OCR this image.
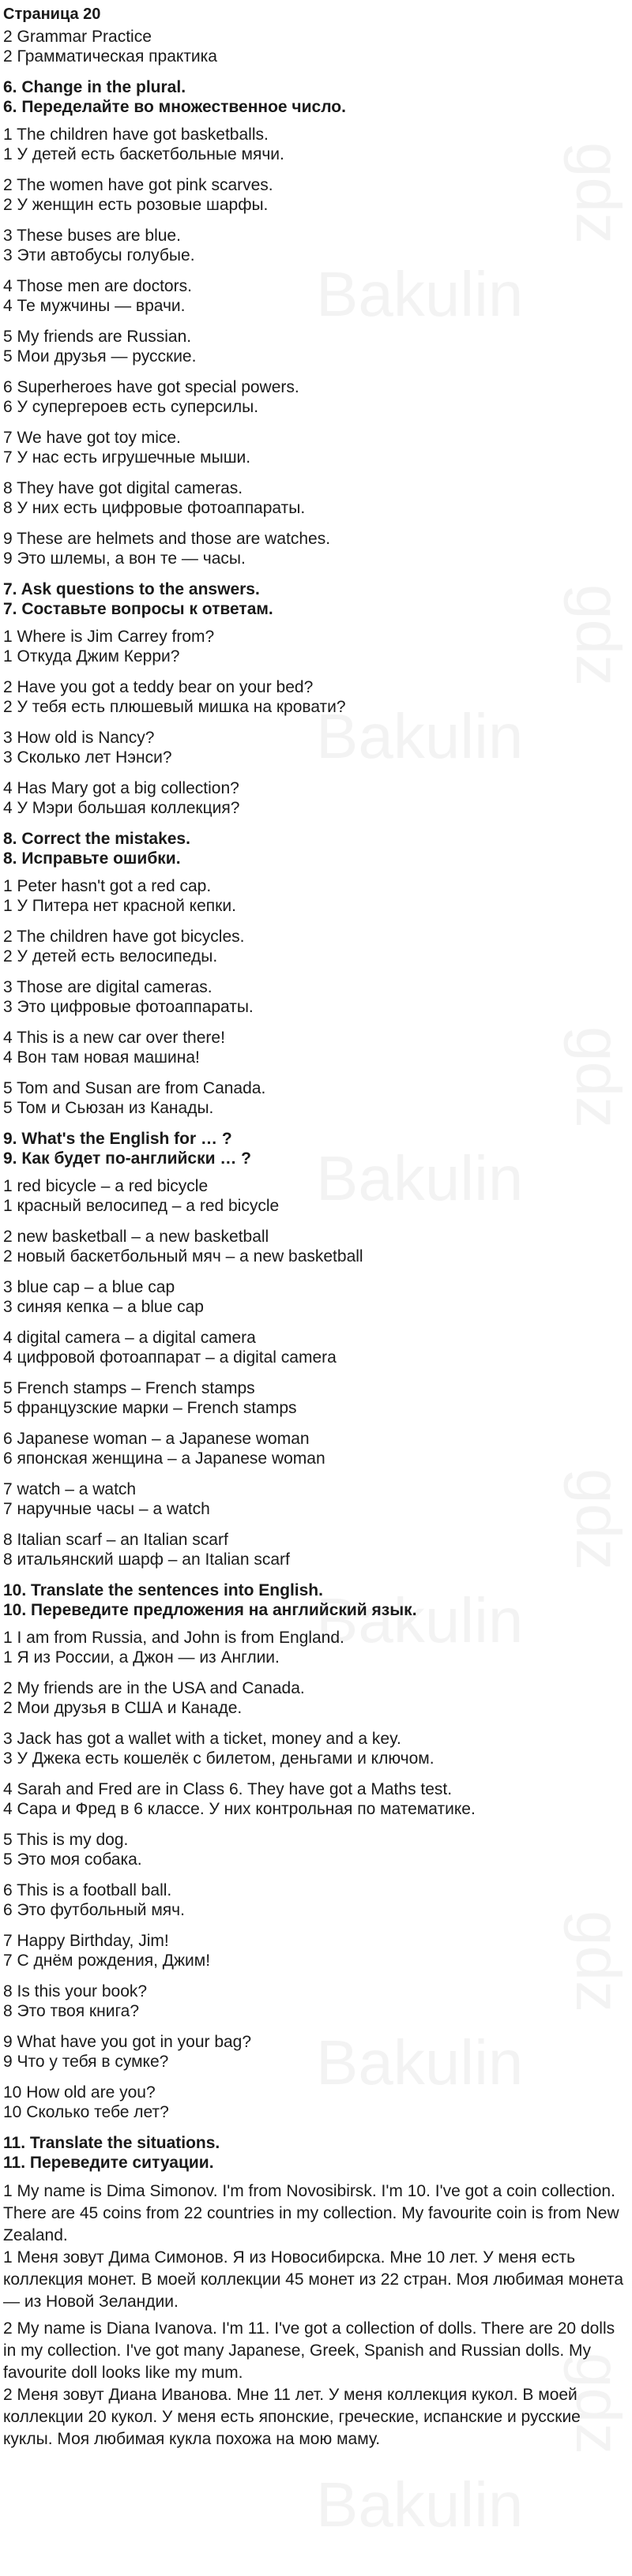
Страница 20
2 Grammar Practice
2 Грамматическая практика
6. Change in the plural.
6. Переделайте во множественное число.
1 The children have got basketballs.
1 У детей есть баскетбольные мячи.
2 The women have got pink scarves.
2 У женщин есть розовые шарфы.
3 These buses are blue.
3 Эти автобусы голубые.
4 Those men are doctors.
4 Те мужчины — врачи.
5 My friends are Russian.
5 Мои друзья — русские.
6 Superheroes have got special powers.
6 У супергероев есть суперсилы.
7 We have got toy mice.
7 У нас есть игрушечные мыши.
8 They have got digital cameras.
8 У них есть цифровые фотоаппараты.
9 These are helmets and those are watches.
9 Это шлемы, а вон те — часы.
7. Ask questions to the answers.
7. Составьте вопросы к ответам.
1 Where is Jim Carrey from?
1 Откуда Джим Керри?
2 Have you got a teddy bear on your bed?
2 У тебя есть плюшевый мишка на кровати?
3 How old is Nancy?
3 Сколько лет Нэнси?
4 Has Mary got a big collection?
4 У Мэри большая коллекция?
8. Correct the mistakes.
8. Исправьте ошибки.
1 Peter hasn't got a red cap.
1 У Питера нет красной кепки.
2 The children have got bicycles.
2 У детей есть велосипеды.
3 Those are digital cameras.
3 Это цифровые фотоаппараты.
4 This is a new car over there!
4 Вон там новая машина!
5 Tom and Susan are from Canada.
5 Том и Сьюзан из Канады.
9. What's the English for … ?
9. Как будет по-английски … ?
1 red bicycle – a red bicycle
1 красный велосипед – a red bicycle
2 new basketball – a new basketball
2 новый баскетбольный мяч – a new basketball
3 blue cap – a blue cap
3 синяя кепка – a blue cap
4 digital camera – a digital camera
4 цифровой фотоаппарат – a digital camera
5 French stamps – French stamps
5 французские марки – French stamps
6 Japanese woman – a Japanese woman
6 японская женщина – a Japanese woman
7 watch – a watch
7 наручные часы – a watch
8 Italian scarf – an Italian scarf
8 итальянский шарф – an Italian scarf
10. Translate the sentences into English.
10. Переведите предложения на английский язык.
1 I am from Russia, and John is from England.
1 Я из России, а Джон — из Англии.
2 My friends are in the USA and Canada.
2 Мои друзья в США и Канаде.
3 Jack has got a wallet with a ticket, money and a key.
3 У Джека есть кошелёк с билетом, деньгами и ключом.
4 Sarah and Fred are in Class 6. They have got a Maths test.
4 Сара и Фред в 6 классе. У них контрольная по математике.
5 This is my dog.
5 Это моя собака.
6 This is a football ball.
6 Это футбольный мяч.
7 Happy Birthday, Jim!
7 С днём рождения, Джим!
8 Is this your book?
8 Это твоя книга?
9 What have you got in your bag?
9 Что у тебя в сумке?
10 How old are you?
10 Сколько тебе лет?
11. Translate the situations.
11. Переведите ситуации.
1 My name is Dima Simonov. I'm from Novosibirsk. I'm 10. I've got a coin collection. There are 45 coins from 22 countries in my collection. My favourite coin is from New Zealand.
1 Меня зовут Дима Симонов. Я из Новосибирска. Мне 10 лет. У меня есть коллекция монет. В моей коллекции 45 монет из 22 стран. Моя любимая монета — из Новой Зеландии.
2 My name is Diana Ivanova. I'm 11. I've got a collection of dolls. There are 20 dolls in my collection. I've got many Japanese, Greek, Spanish and Russian dolls. My favourite doll looks like my mum.
2 Меня зовут Диана Иванова. Мне 11 лет. У меня коллекция кукол. В моей коллекции 20 кукол. У меня есть японские, греческие, испанские и русские куклы. Моя любимая кукла похожа на мою маму.
